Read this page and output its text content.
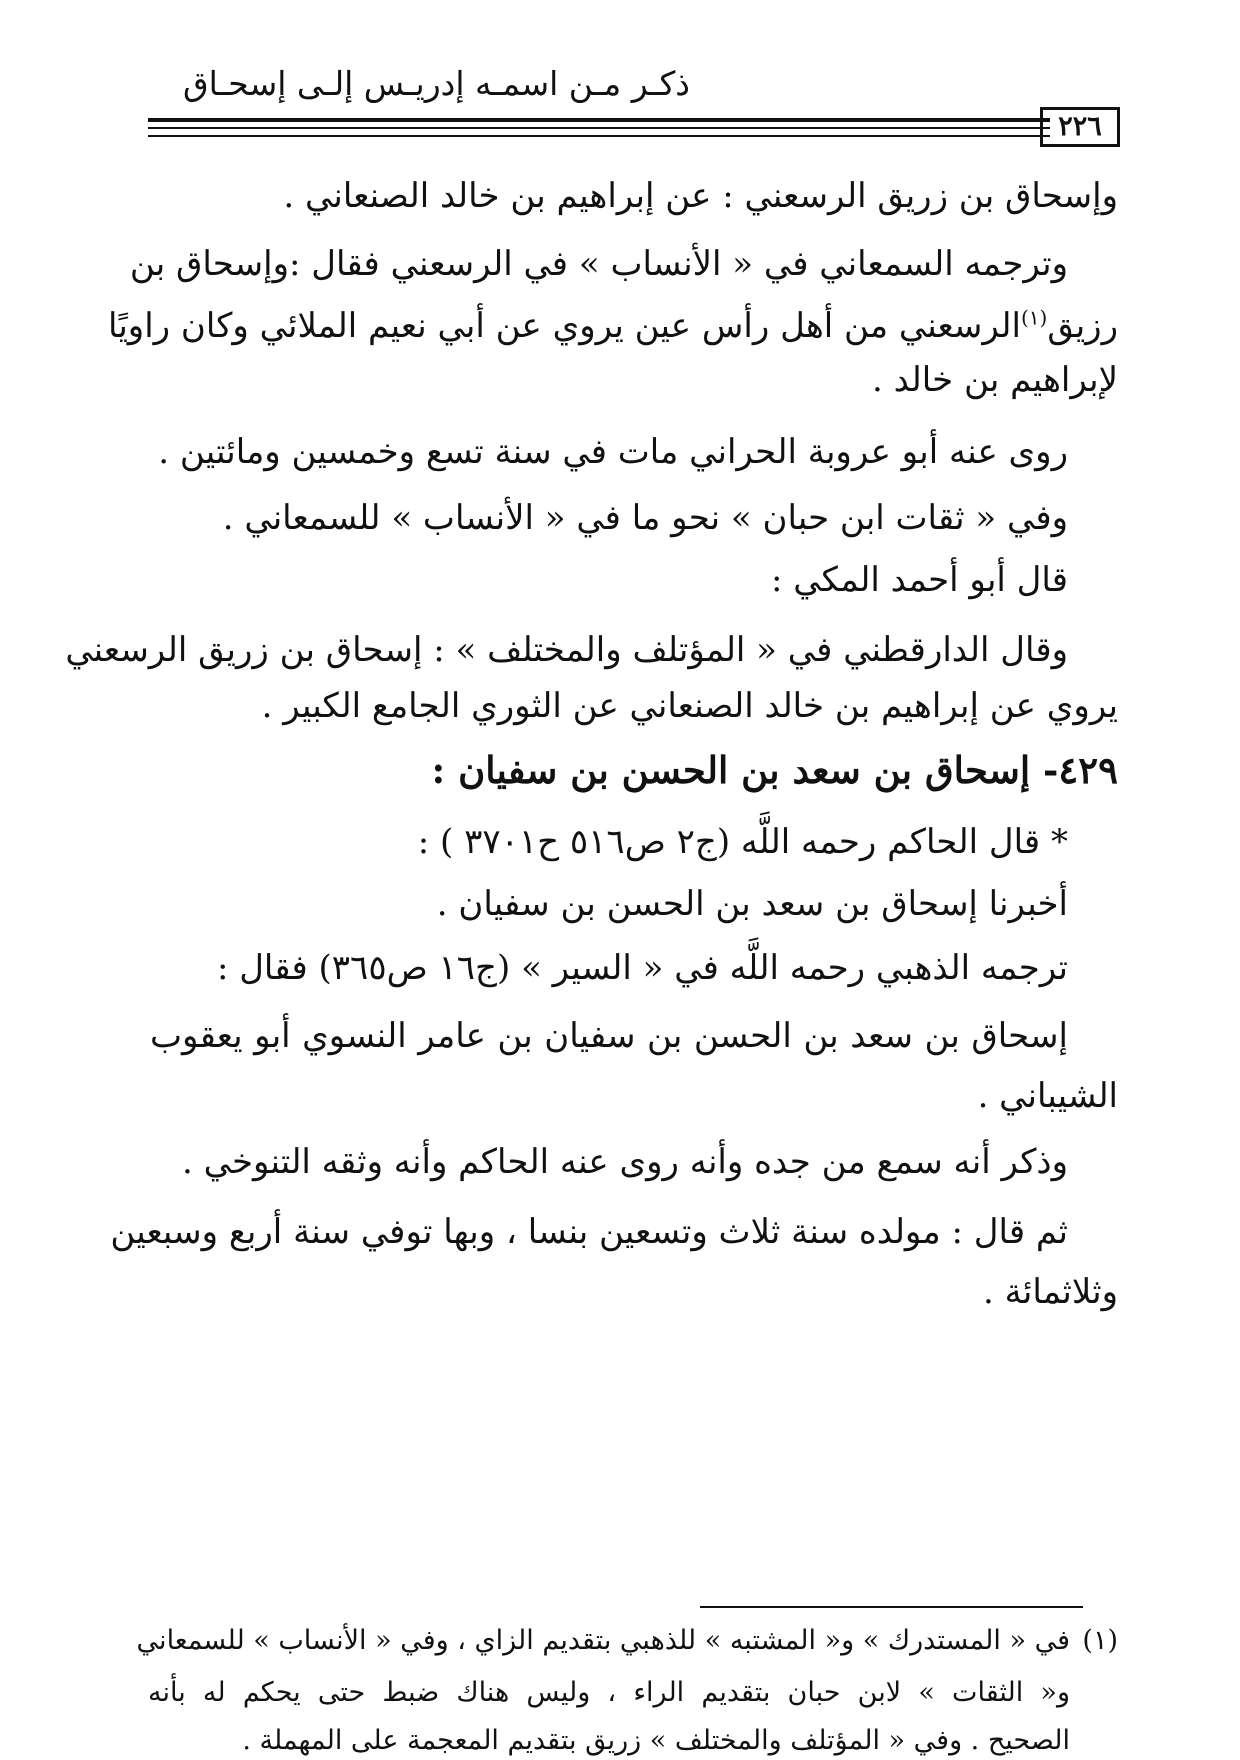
ذكـر مـن اسمـه إدريـس إلـى إسحـاق
٢٢٦
وإسحاق بن زريق الرسعني : عن إبراهيم بن خالد الصنعاني .
وترجمه السمعاني في « الأنساب » في الرسعني فقال :وإسحاق بن
رزيق$^{(١)}$الرسعني من أهل رأس عين يروي عن أبي نعيم الملائي وكان راويًا
لإبراهيم بن خالد .
روى عنه أبو عروبة الحراني مات في سنة تسع وخمسين ومائتين .
وفي « ثقات ابن حبان » نحو ما في « الأنساب » للسمعاني .
قال أبو أحمد المكي :
وقال الدارقطني في « المؤتلف والمختلف » : إسحاق بن زريق الرسعني
يروي عن إبراهيم بن خالد الصنعاني عن الثوري الجامع الكبير .
٤٢٩- إسحاق بن سعد بن الحسن بن سفيان :
* قال الحاكم رحمه اللَّه (ج٢ ص٥١٦ ح٣٧٠١ ) :
أخبرنا إسحاق بن سعد بن الحسن بن سفيان .
ترجمه الذهبي رحمه اللَّه في « السير » (ج١٦ ص٣٦٥) فقال :
إسحاق بن سعد بن الحسن بن سفيان بن عامر النسوي أبو يعقوب
الشيباني .
وذكر أنه سمع من جده وأنه روى عنه الحاكم وأنه وثقه التنوخي .
ثم قال : مولده سنة ثلاث وتسعين بنسا ، وبها توفي سنة أربع وسبعين
وثلاثمائة .
(١)
في « المستدرك » و« المشتبه » للذهبي بتقديم الزاي ، وفي « الأنساب » للسمعاني
و« الثقات » لابن حبان بتقديم الراء ، وليس هناك ضبط حتى يحكم له بأنه
الصحيح . وفي « المؤتلف والمختلف » زريق بتقديم المعجمة على المهملة .
